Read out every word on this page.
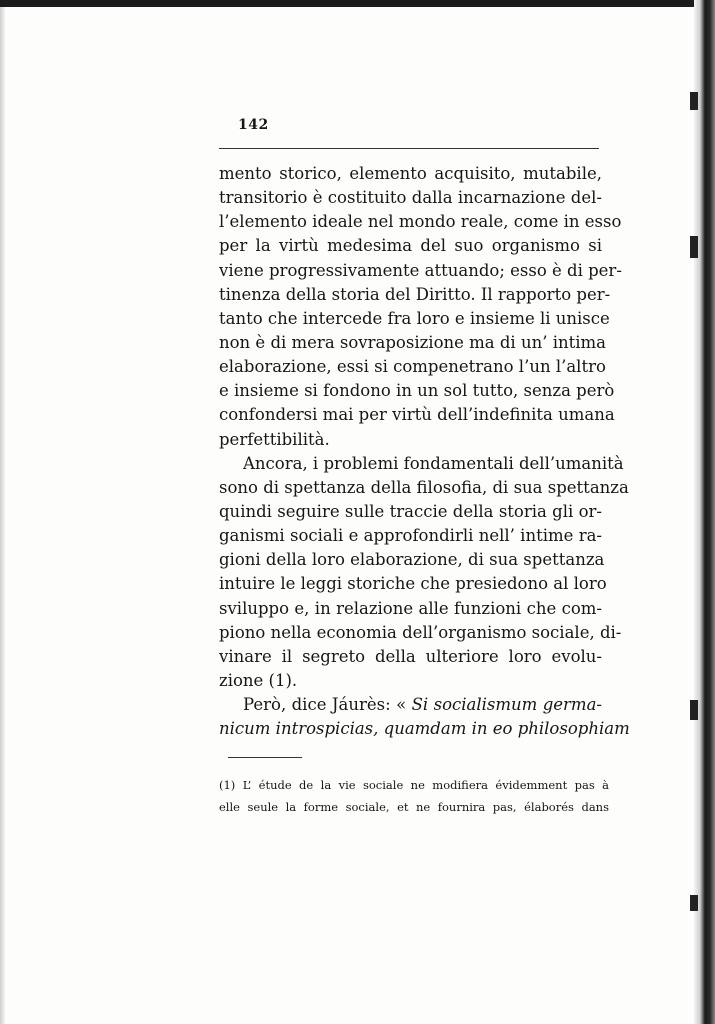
142
mento storico, elemento acquisito, mutabile,
transitorio è costituito dalla incarnazione del-
l’elemento ideale nel mondo reale, come in esso
per la virtù medesima del suo organismo si
viene progressivamente attuando; esso è di per-
tinenza della storia del Diritto. Il rapporto per-
tanto che intercede fra loro e insieme li unisce
non è di mera sovraposizione ma di un’ intima
elaborazione, essi si compenetrano l’un l’altro
e insieme si fondono in un sol tutto, senza però
confondersi mai per virtù dell’indefinita umana
perfettibilità.
Ancora, i problemi fondamentali dell’umanità
sono di spettanza della filosofia, di sua spettanza
quindi seguire sulle traccie della storia gli or-
ganismi sociali e approfondirli nell’ intime ra-
gioni della loro elaborazione, di sua spettanza
intuire le leggi storiche che presiedono al loro
sviluppo e, in relazione alle funzioni che com-
piono nella economia dell’organismo sociale, di-
vinare il segreto della ulteriore loro evolu-
zione (1).
Però, dice Jáurès: « Si socialismum germa-
nicum introspicias, quamdam in eo philosophiam
(1) L’ étude de la vie sociale ne modifiera évidemment pas à
elle seule la forme sociale, et ne fournira pas, élaborés dans
